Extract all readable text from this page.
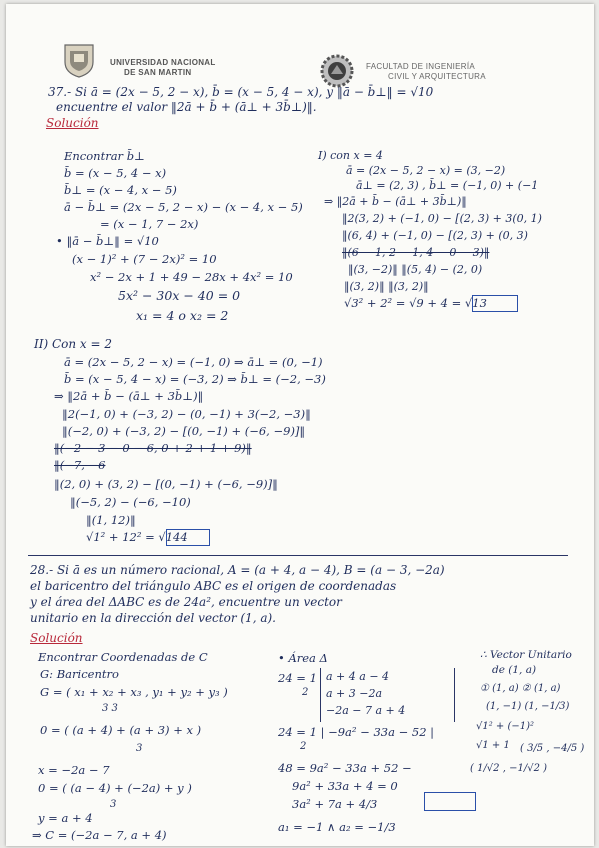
UNIVERSIDAD NACIONAL
DE SAN MARTIN
FACULTAD DE INGENIERÍA
CIVIL Y ARQUITECTURA
37.- Si ā = (2x − 5, 2 − x), b̄ = (x − 5, 4 − x), y ‖ā − b̄⊥‖ = √10
encuentre el valor ‖2ā + b̄ + (ā⊥ + 3b̄⊥)‖.
Solución
Encontrar b̄⊥
b̄ = (x − 5, 4 − x)
b̄⊥ = (x − 4, x − 5)
ā − b̄⊥ = (2x − 5, 2 − x) − (x − 4, x − 5)
= (x − 1, 7 − 2x)
• ‖ā − b̄⊥‖ = √10
(x − 1)² + (7 − 2x)² = 10
x² − 2x + 1 + 49 − 28x + 4x² = 10
5x² − 30x − 40 = 0
x₁ = 4 o x₂ = 2
I) con x = 4
ā = (2x − 5, 2 − x) = (3, −2)
ā⊥ = (2, 3) , b̄⊥ = (−1, 0) + (−1
⇒ ‖2ā + b̄ − (ā⊥ + 3b̄⊥)‖
‖2(3, 2) + (−1, 0) − [(2, 3) + 3(0, 1)
‖(6, 4) + (−1, 0) − [(2, 3) + (0, 3)
‖(6 − 1, 2 − 1, 4 − 0 − 3)‖
‖(3, −2)‖ ‖(5, 4) − (2, 0)
‖(3, 2)‖ ‖(3, 2)‖
√3² + 2² = √9 + 4 = √13
II) Con x = 2
ā = (2x − 5, 2 − x) = (−1, 0) ⇒ ā⊥ = (0, −1)
b̄ = (x − 5, 4 − x) = (−3, 2) ⇒ b̄⊥ = (−2, −3)
⇒ ‖2ā + b̄ − (ā⊥ + 3b̄⊥)‖
‖2(−1, 0) + (−3, 2) − (0, −1) + 3(−2, −3)‖
‖(−2, 0) + (−3, 2) − [(0, −1) + (−6, −9)]‖
‖(−2 − 3 − 0 − 6, 0 + 2 + 1 + 9)‖
‖(−7, −6
‖(2, 0) + (3, 2) − [(0, −1) + (−6, −9)]‖
‖(−5, 2) − (−6, −10)
‖(1, 12)‖
√1² + 12² = √144
28.- Si ā es un número racional, A = (a + 4, a − 4), B = (a − 3, −2a)
el baricentro del triángulo ABC es el origen de coordenadas
y el área del ΔABC es de 24a², encuentre un vector
unitario en la dirección del vector (1, a).
Solución
Encontrar Coordenadas de C
G: Baricentro
G = ( x₁ + x₂ + x₃ , y₁ + y₂ + y₃ )
3 3
0 = ( (a + 4) + (a + 3) + x )
3
x = −2a − 7
0 = ( (a − 4) + (−2a) + y )
3
y = a + 4
⇒ C = (−2a − 7, a + 4)
• Área Δ
24 = 1
2
a + 4 a − 4
a + 3 −2a
−2a − 7 a + 4
24 = 1 | −9a² − 33a − 52 |
2
48 = 9a² − 33a + 52 −
9a² + 33a + 4 = 0
3a² + 7a + 4/3
a₁ = −1 ∧ a₂ = −1/3
∴ Vector Unitario
de (1, a)
① (1, a) ② (1, a)
(1, −1) (1, −1/3)
√1² + (−1)²
√1 + 1
( 1/√2 , −1/√2 )
( 3/5 , −4/5 )
